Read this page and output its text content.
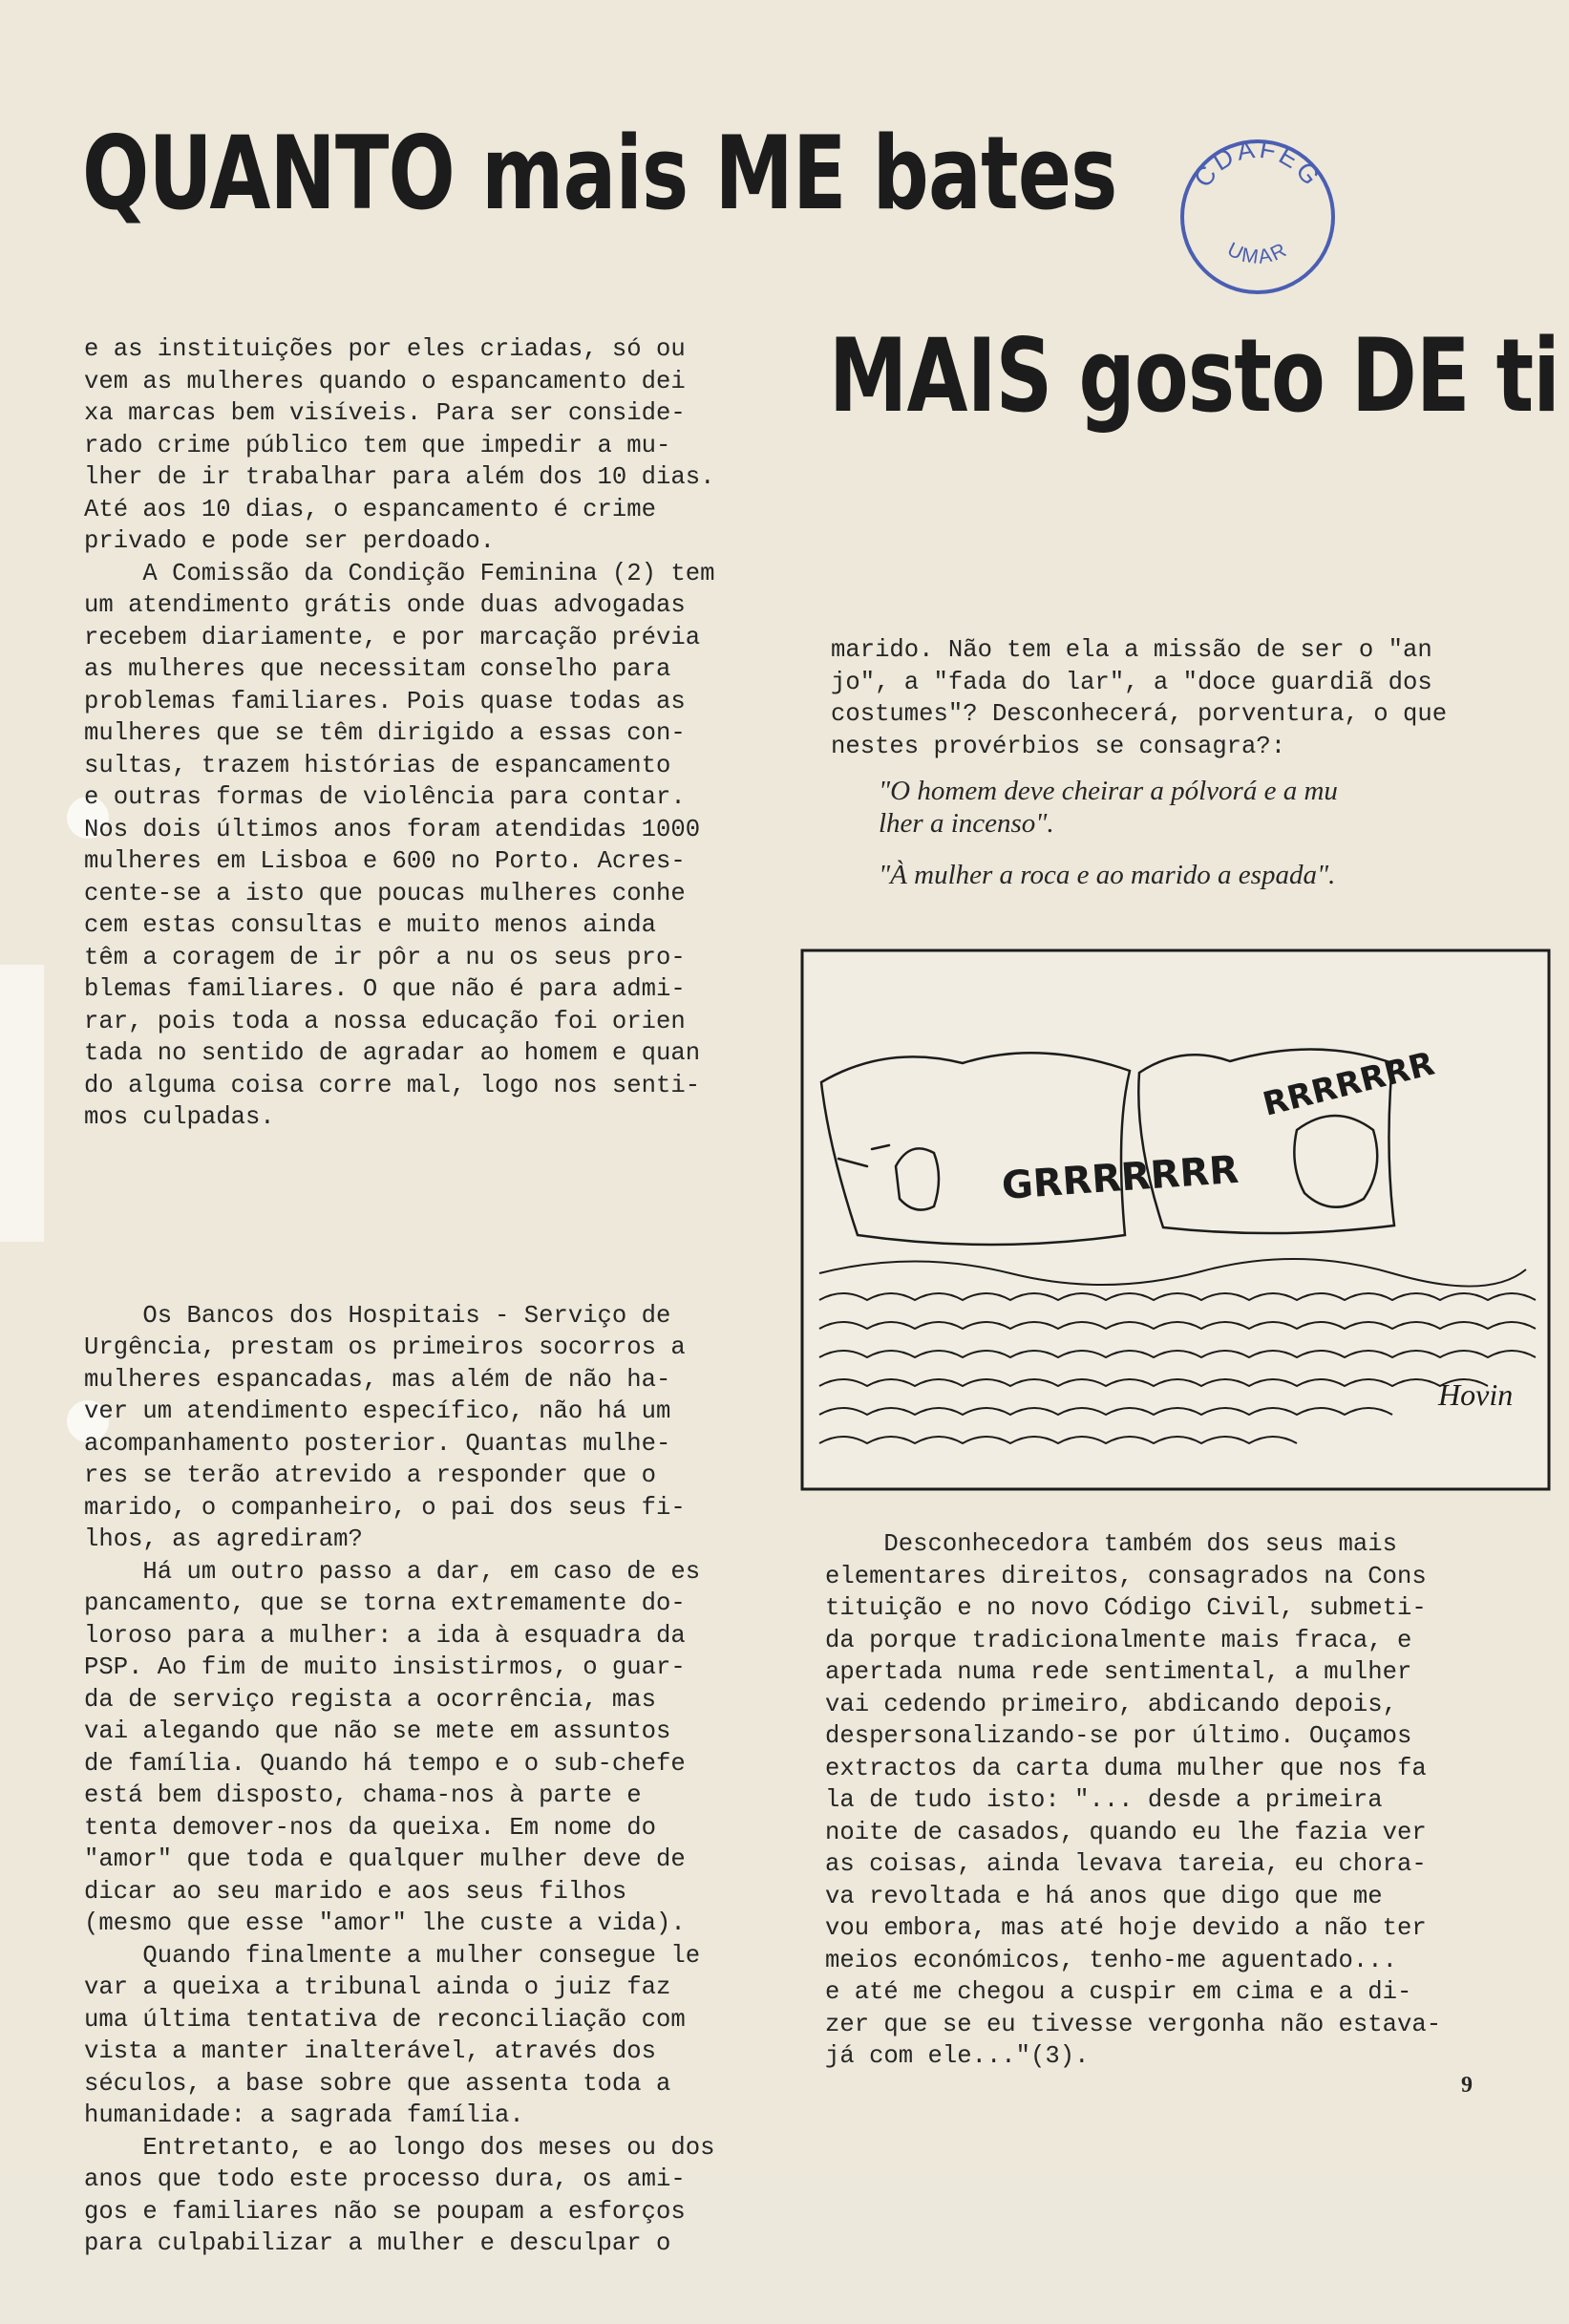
QUANTO mais ME bates
MAIS gosto DE ti
CDAFEG
UMAR

e as instituições por eles criadas, só ou
vem as mulheres quando o espancamento dei
xa marcas bem visíveis. Para ser conside-
rado crime público tem que impedir a mu-
lher de ir trabalhar para além dos 10 dias.
Até aos 10 dias, o espancamento é crime
privado e pode ser perdoado.
A Comissão da Condição Feminina (2) tem
um atendimento grátis onde duas advogadas
recebem diariamente, e por marcação prévia
as mulheres que necessitam conselho para
problemas familiares. Pois quase todas as
mulheres que se têm dirigido a essas con-
sultas, trazem histórias de espancamento
e outras formas de violência para contar.
Nos dois últimos anos foram atendidas 1000
mulheres em Lisboa e 600 no Porto. Acres-
cente-se a isto que poucas mulheres conhe
cem estas consultas e muito menos ainda
têm a coragem de ir pôr a nu os seus pro-
blemas familiares. O que não é para admi-
rar, pois toda a nossa educação foi orien
tada no sentido de agradar ao homem e quan
do alguma coisa corre mal, logo nos senti-
mos culpadas.

Os Bancos dos Hospitais - Serviço de
Urgência, prestam os primeiros socorros a
mulheres espancadas, mas além de não ha-
ver um atendimento específico, não há um
acompanhamento posterior. Quantas mulhe-
res se terão atrevido a responder que o
marido, o companheiro, o pai dos seus fi-
lhos, as agrediram?
Há um outro passo a dar, em caso de es
pancamento, que se torna extremamente do-
loroso para a mulher: a ida à esquadra da
PSP. Ao fim de muito insistirmos, o guar-
da de serviço regista a ocorrência, mas
vai alegando que não se mete em assuntos
de família. Quando há tempo e o sub-chefe
está bem disposto, chama-nos à parte e
tenta demover-nos da queixa. Em nome do
"amor" que toda e qualquer mulher deve de
dicar ao seu marido e aos seus filhos
(mesmo que esse "amor" lhe custe a vida).
Quando finalmente a mulher consegue le
var a queixa a tribunal ainda o juiz faz
uma última tentativa de reconciliação com
vista a manter inalterável, através dos
séculos, a base sobre que assenta toda a
humanidade: a sagrada família.
Entretanto, e ao longo dos meses ou dos
anos que todo este processo dura, os ami-
gos e familiares não se poupam a esforços
para culpabilizar a mulher e desculpar o

marido. Não tem ela a missão de ser o "an
jo", a "fada do lar", a "doce guardiã dos
costumes"? Desconhecerá, porventura, o que
nestes provérbios se consagra?:
"O homem deve cheirar a pólvorá e a mu
lher a incenso".
"À mulher a roca e ao marido a espada".
GRRRRRRR
RRRRRRR
Hovin
Desconhecedora também dos seus mais
elementares direitos, consagrados na Cons
tituição e no novo Código Civil, submeti-
da porque tradicionalmente mais fraca, e
apertada numa rede sentimental, a mulher
vai cedendo primeiro, abdicando depois,
despersonalizando-se por último. Ouçamos
extractos da carta duma mulher que nos fa
la de tudo isto: "... desde a primeira
noite de casados, quando eu lhe fazia ver
as coisas, ainda levava tareia, eu chora-
va revoltada e há anos que digo que me
vou embora, mas até hoje devido a não ter
meios económicos, tenho-me aguentado...
e até me chegou a cuspir em cima e a di-
zer que se eu tivesse vergonha não estava-
já com ele..."(3).
9
